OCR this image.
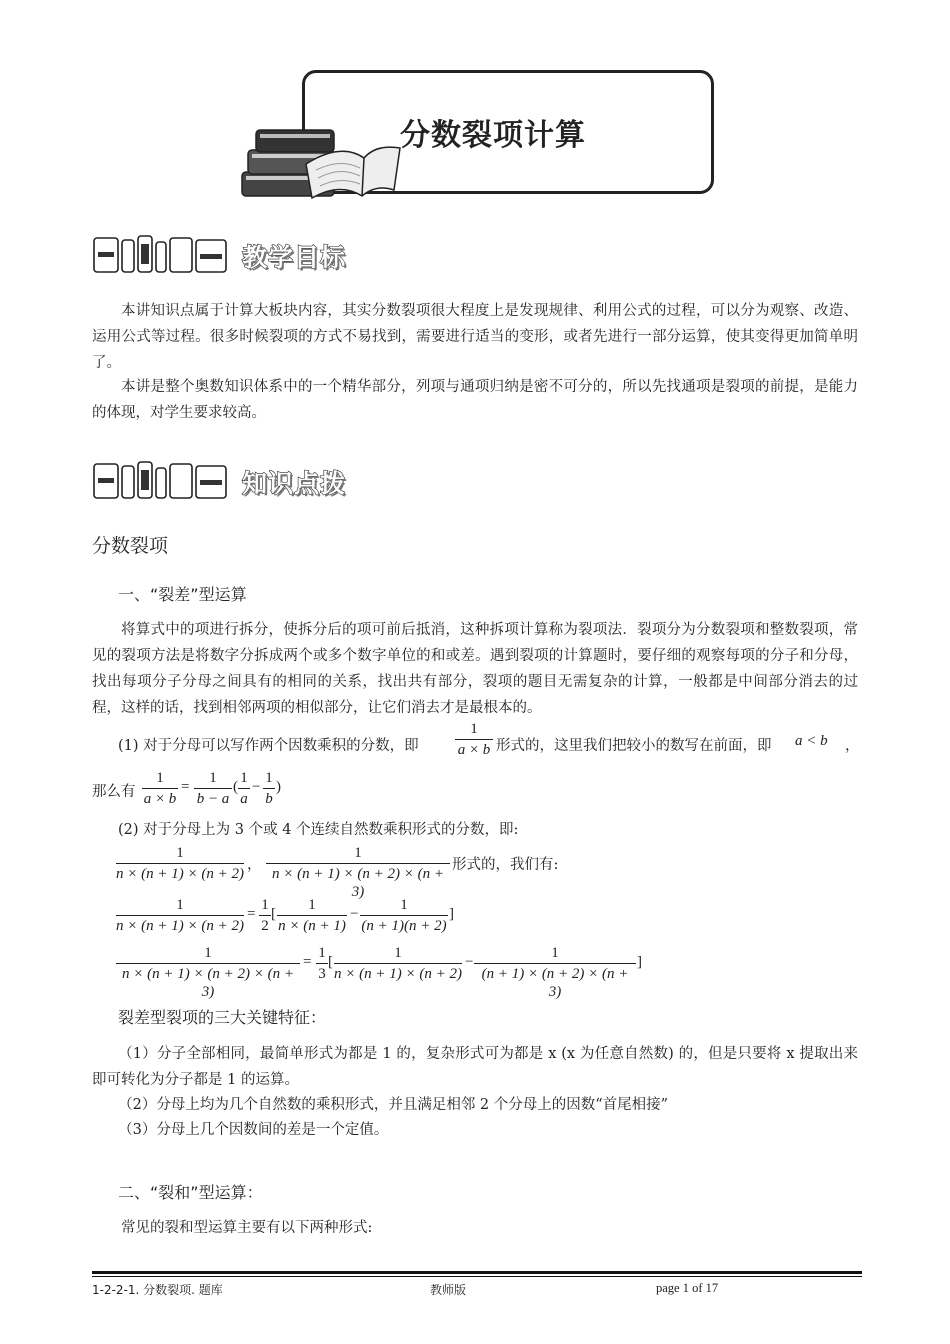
分数裂项计算
教学目标
本讲知识点属于计算大板块内容，其实分数裂项很大程度上是发现规律、利用公式的过程，可以分为观察、改造、运用公式等过程。很多时候裂项的方式不易找到，需要进行适当的变形，或者先进行一部分运算，使其变得更加简单明了。
本讲是整个奥数知识体系中的一个精华部分，列项与通项归纳是密不可分的，所以先找通项是裂项的前提，是能力的体现，对学生要求较高。
知识点拨
分数裂项
一、“裂差”型运算
将算式中的项进行拆分，使拆分后的项可前后抵消，这种拆项计算称为裂项法．裂项分为分数裂项和整数裂项，常见的裂项方法是将数字分拆成两个或多个数字单位的和或差。遇到裂项的计算题时，要仔细的观察每项的分子和分母，找出每项分子分母之间具有的相同的关系，找出共有部分，裂项的题目无需复杂的计算，一般都是中间部分消去的过程，这样的话，找到相邻两项的相似部分，让它们消去才是最根本的。
(1) 对于分母可以写作两个因数乘积的分数，即
1
a × b 形式的，这里我们把较小的数写在前面，即 a < b ，
那么有
1
a × b
=
1
b − a
(
1
a
−
1
b
)
(2) 对于分母上为 3 个或 4 个连续自然数乘积形式的分数，即:
1
n × (n + 1) × (n + 2)
，
1
n × (n + 1) × (n + 2) × (n + 3)
形式的，我们有:
1
n × (n + 1) × (n + 2)
=
1
2
[
1
n × (n + 1)
−
1
(n + 1)(n + 2)
]
1
n × (n + 1) × (n + 2) × (n + 3)
=
1
3
[
1
n × (n + 1) × (n + 2)
−
1
(n + 1) × (n + 2) × (n + 3)
]
裂差型裂项的三大关键特征：
（1）分子全部相同，最简单形式为都是 1 的，复杂形式可为都是 x (x 为任意自然数) 的，但是只要将 x 提取出来即可转化为分子都是 1 的运算。
（2）分母上均为几个自然数的乘积形式，并且满足相邻 2 个分母上的因数“首尾相接”
（3）分母上几个因数间的差是一个定值。
二、“裂和”型运算：
常见的裂和型运算主要有以下两种形式:
1-2-2-1. 分数裂项. 题库	教师版	page 1 of 17
